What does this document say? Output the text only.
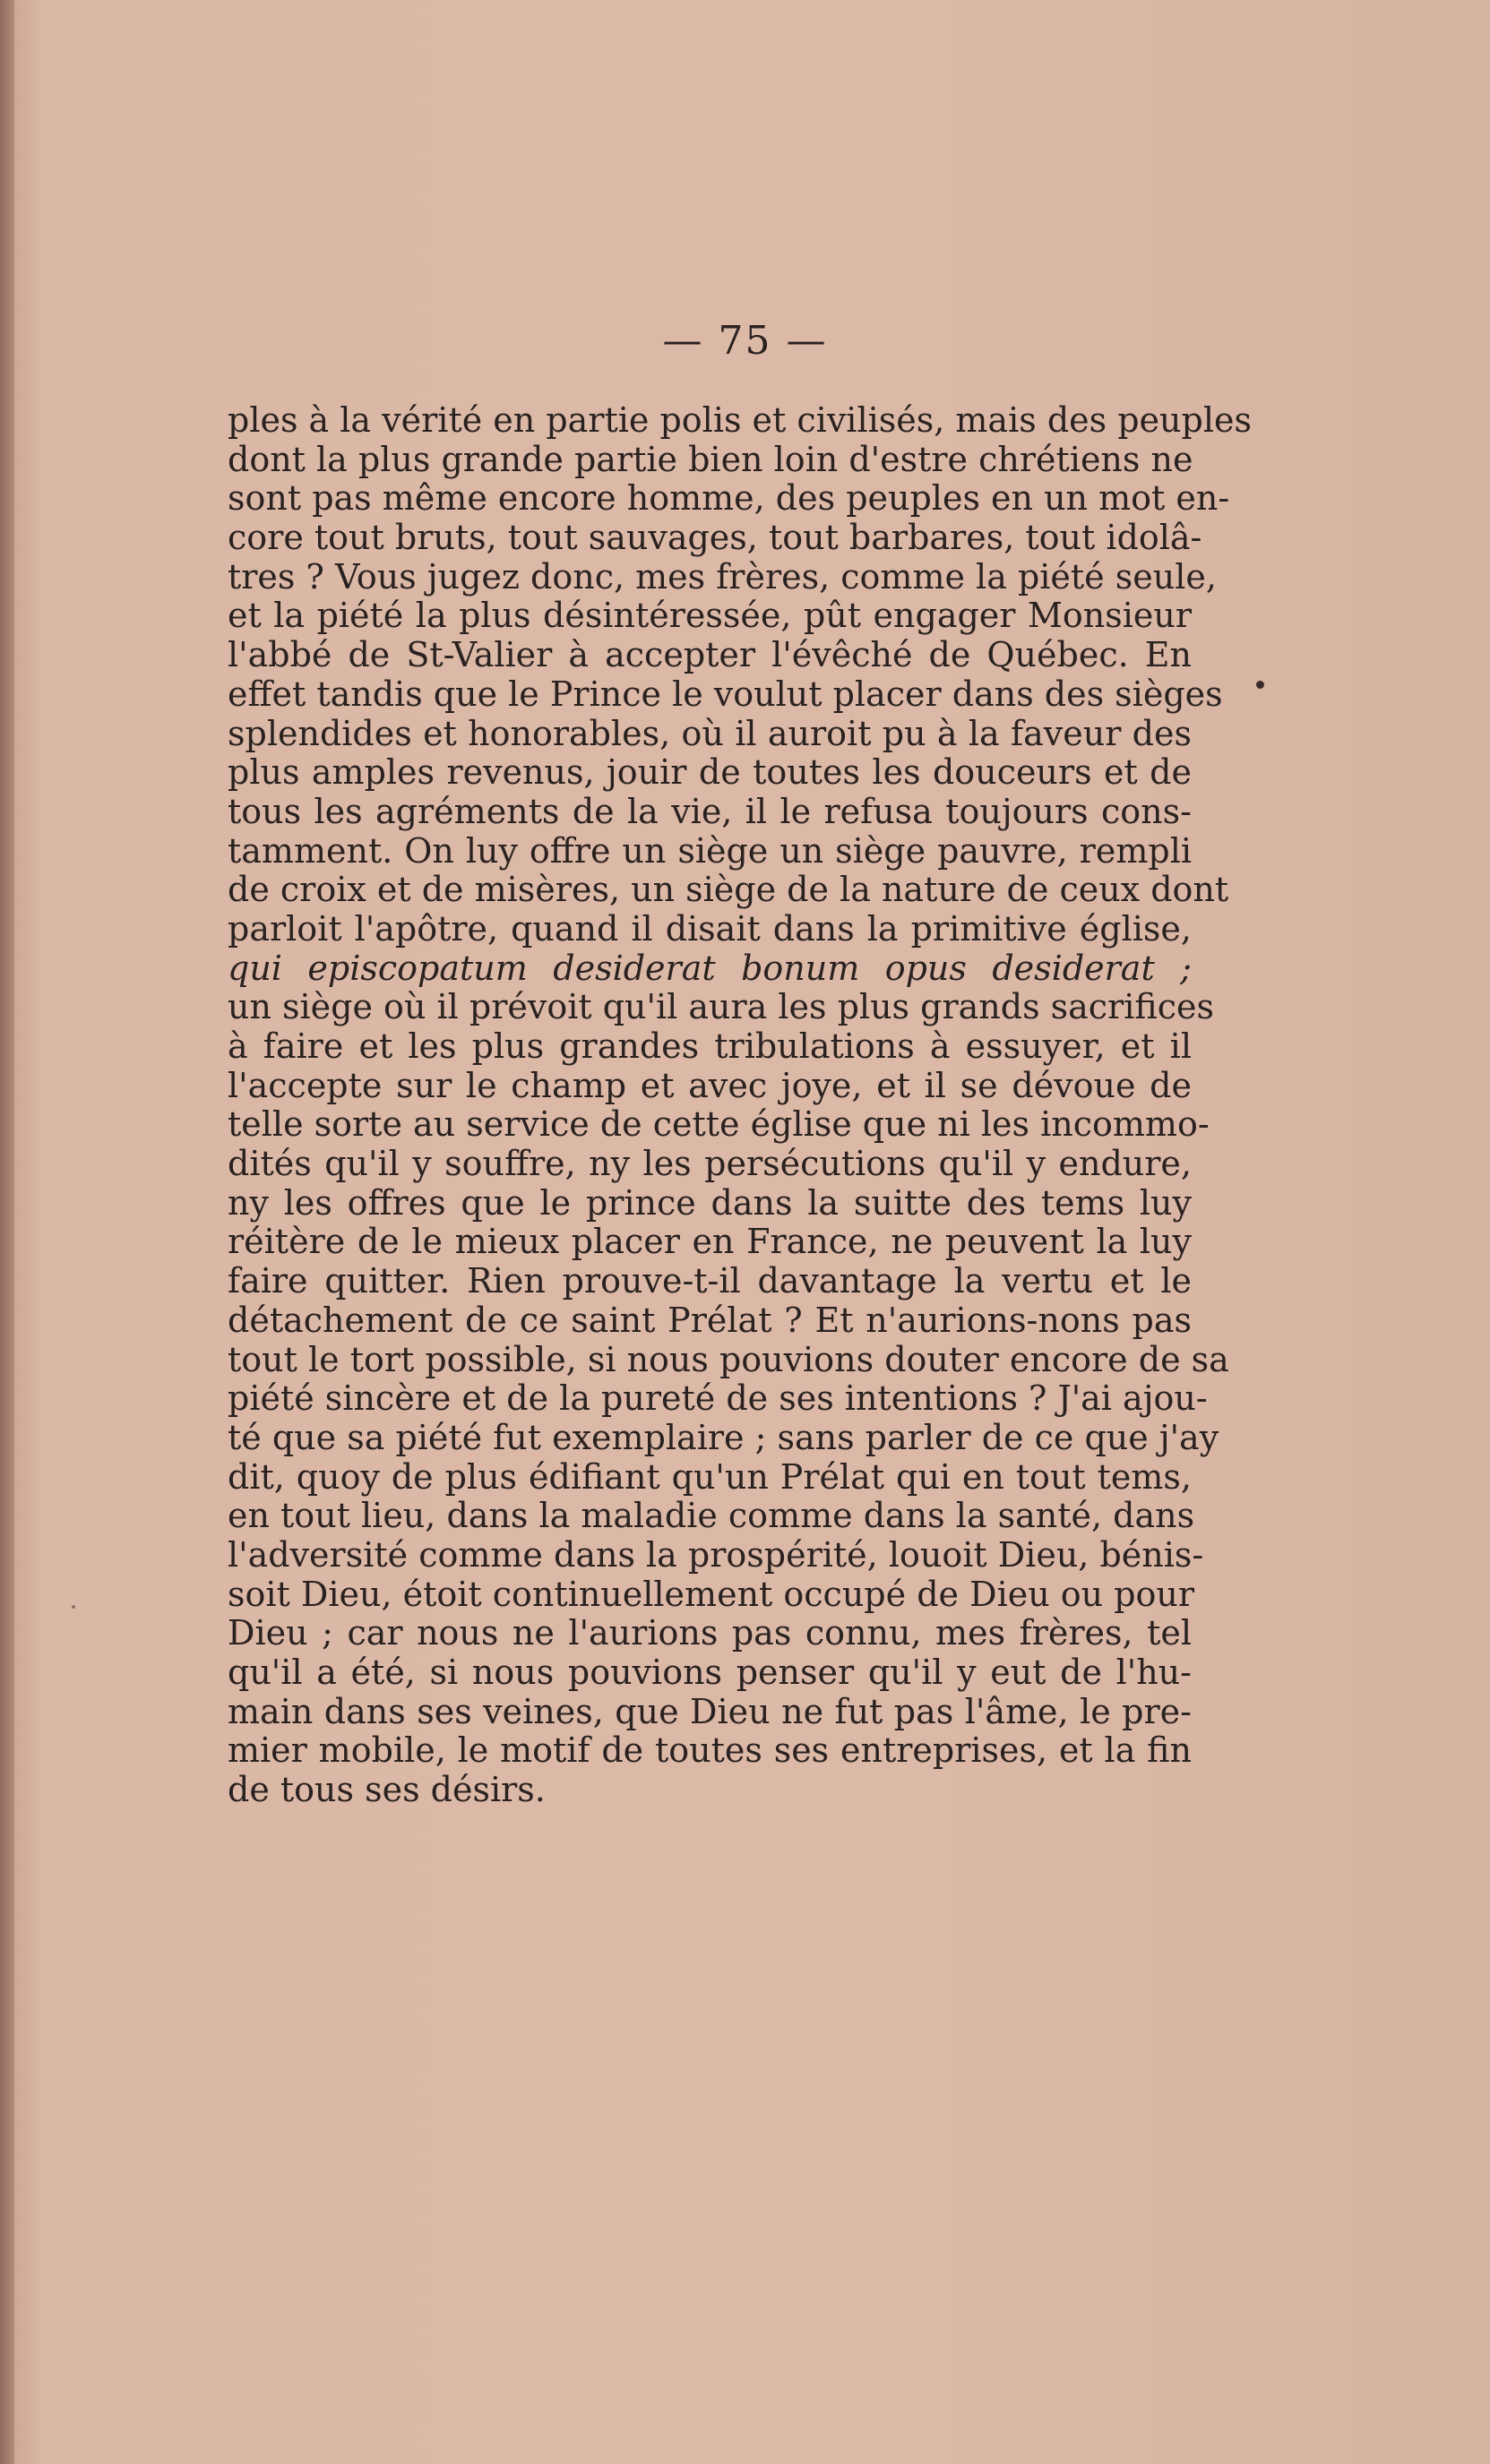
— 75 —
ples à la vérité en partie polis et civilisés, mais des peuples
dont la plus grande partie bien loin d'estre chrétiens ne
sont pas même encore homme, des peuples en un mot en-
core tout bruts, tout sauvages, tout barbares, tout idolâ-
tres ? Vous jugez donc, mes frères, comme la piété seule,
et la piété la plus désintéressée, pût engager Monsieur
l'abbé de St-Valier à accepter l'évêché de Québec. En
effet tandis que le Prince le voulut placer dans des sièges
splendides et honorables, où il auroit pu à la faveur des
plus amples revenus, jouir de toutes les douceurs et de
tous les agréments de la vie, il le refusa toujours cons-
tamment. On luy offre un siège un siège pauvre, rempli
de croix et de misères, un siège de la nature de ceux dont
parloit l'apôtre, quand il disait dans la primitive église,
qui episcopatum desiderat bonum opus desiderat ;
un siège où il prévoit qu'il aura les plus grands sacrifices
à faire et les plus grandes tribulations à essuyer, et il
l'accepte sur le champ et avec joye, et il se dévoue de
telle sorte au service de cette église que ni les incommo-
dités qu'il y souffre, ny les persécutions qu'il y endure,
ny les offres que le prince dans la suitte des tems luy
réitère de le mieux placer en France, ne peuvent la luy
faire quitter. Rien prouve-t-il davantage la vertu et le
détachement de ce saint Prélat ? Et n'aurions-nons pas
tout le tort possible, si nous pouvions douter encore de sa
piété sincère et de la pureté de ses intentions ? J'ai ajou-
té que sa piété fut exemplaire ; sans parler de ce que j'ay
dit, quoy de plus édifiant qu'un Prélat qui en tout tems,
en tout lieu, dans la maladie comme dans la santé, dans
l'adversité comme dans la prospérité, louoit Dieu, bénis-
soit Dieu, étoit continuellement occupé de Dieu ou pour
Dieu ; car nous ne l'aurions pas connu, mes frères, tel
qu'il a été, si nous pouvions penser qu'il y eut de l'hu-
main dans ses veines, que Dieu ne fut pas l'âme, le pre-
mier mobile, le motif de toutes ses entreprises, et la fin
de tous ses désirs.
